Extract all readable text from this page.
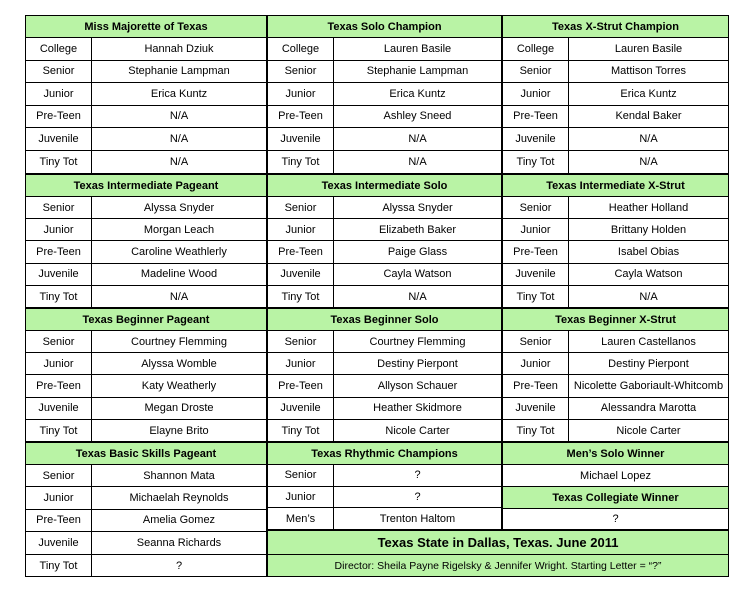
Miss Majorette of Texas
College	Hannah Dziuk
Senior	Stephanie Lampman
Junior	Erica Kuntz
Pre-Teen	N/A
Juvenile	N/A
Tiny Tot	N/A
Texas Solo Champion
College	Lauren Basile
Senior	Stephanie Lampman
Junior	Erica Kuntz
Pre-Teen	Ashley Sneed
Juvenile	N/A
Tiny Tot	N/A
Texas X-Strut Champion
College	Lauren Basile
Senior	Mattison Torres
Junior	Erica Kuntz
Pre-Teen	Kendal Baker
Juvenile	N/A
Tiny Tot	N/A
Texas Intermediate Pageant
Senior	Alyssa Snyder
Junior	Morgan Leach
Pre-Teen	Caroline Weathlerly
Juvenile	Madeline Wood
Tiny Tot	N/A
Texas Intermediate Solo
Senior	Alyssa Snyder
Junior	Elizabeth Baker
Pre-Teen	Paige Glass
Juvenile	Cayla Watson
Tiny Tot	N/A
Texas Intermediate X-Strut
Senior	Heather Holland
Junior	Brittany Holden
Pre-Teen	Isabel Obias
Juvenile	Cayla Watson
Tiny Tot	N/A
Texas Beginner Pageant
Senior	Courtney Flemming
Junior	Alyssa Womble
Pre-Teen	Katy Weatherly
Juvenile	Megan Droste
Tiny Tot	Elayne Brito
Texas Beginner Solo
Senior	Courtney Flemming
Junior	Destiny Pierpont
Pre-Teen	Allyson Schauer
Juvenile	Heather Skidmore
Tiny Tot	Nicole Carter
Texas Beginner X-Strut
Senior	Lauren Castellanos
Junior	Destiny Pierpont
Pre-Teen	Nicolette Gaboriault-Whitcomb
Juvenile	Alessandra Marotta
Tiny Tot	Nicole Carter
Texas Basic Skills Pageant
Senior	Shannon Mata
Junior	Michaelah Reynolds
Pre-Teen	Amelia Gomez
Juvenile	Seanna Richards
Tiny Tot	?
Texas Rhythmic Champions
Senior	?
Junior	?
Men’s	Trenton Haltom
Men’s Solo Winner
Michael Lopez
Texas Collegiate Winner
?
Texas State in Dallas, Texas. June 2011
Director: Sheila Payne Rigelsky & Jennifer Wright. Starting Letter = “?”
